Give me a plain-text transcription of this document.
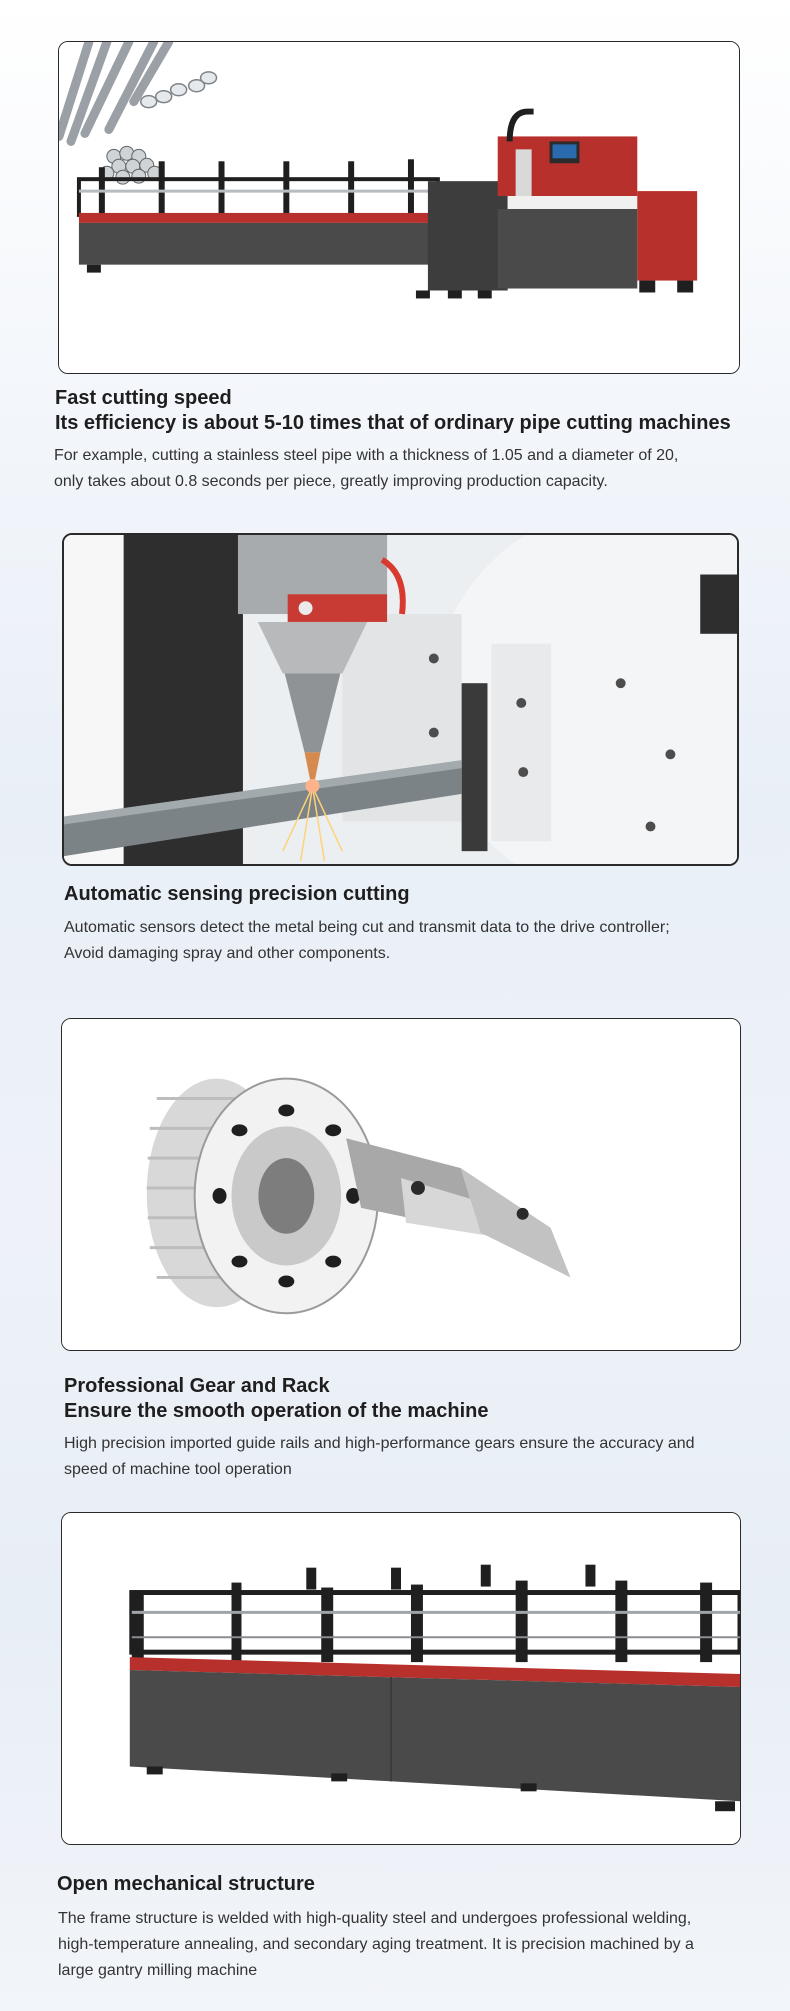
Fast cutting speed
Its efficiency is about 5-10 times that of ordinary pipe cutting machines
For example, cutting a stainless steel pipe with a thickness of 1.05 and a diameter of 20,
only takes about 0.8 seconds per piece, greatly improving production capacity.
Automatic sensing precision cutting
Automatic sensors detect the metal being cut and transmit data to the drive controller;
Avoid damaging spray and other components.
Professional Gear and Rack
Ensure the smooth operation of the machine
High precision imported guide rails and high-performance gears ensure the accuracy and
speed of machine tool operation
Open mechanical structure
The frame structure is welded with high-quality steel and undergoes professional welding,
high-temperature annealing, and secondary aging treatment. It is precision machined by a
large gantry milling machine
